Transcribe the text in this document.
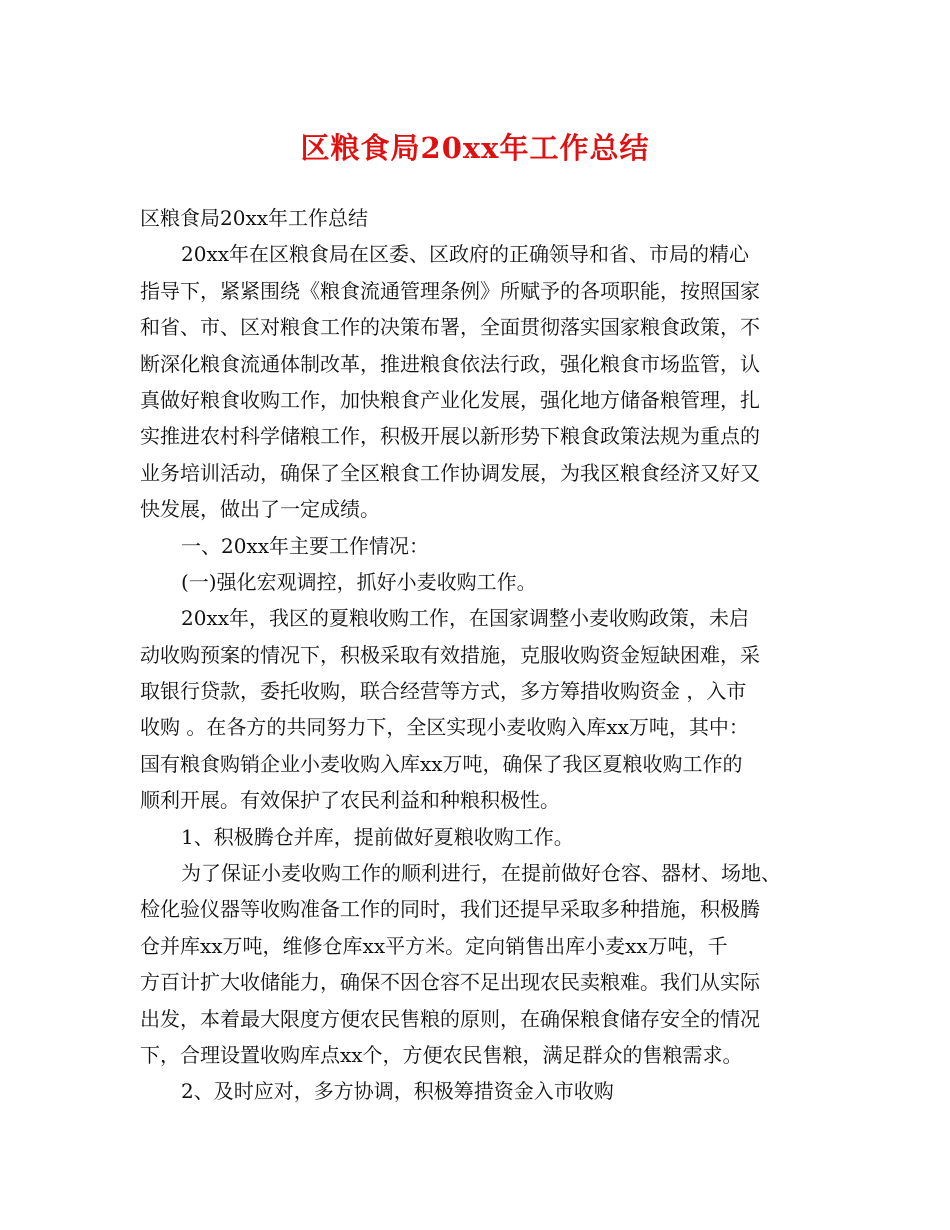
区粮食局20xx年工作总结
区粮食局20xx年工作总结
20xx年在区粮食局在区委、区政府的正确领导和省、市局的精心
指导下，紧紧围绕《粮食流通管理条例》所赋予的各项职能，按照国家
和省、市、区对粮食工作的决策布署，全面贯彻落实国家粮食政策，不
断深化粮食流通体制改革，推进粮食依法行政，强化粮食市场监管，认
真做好粮食收购工作，加快粮食产业化发展，强化地方储备粮管理，扎
实推进农村科学储粮工作，积极开展以新形势下粮食政策法规为重点的
业务培训活动，确保了全区粮食工作协调发展，为我区粮食经济又好又
快发展，做出了一定成绩。
一、20xx年主要工作情况：
(一)强化宏观调控，抓好小麦收购工作。
20xx年，我区的夏粮收购工作，在国家调整小麦收购政策，未启
动收购预案的情况下，积极采取有效措施，克服收购资金短缺困难，采
取银行贷款，委托收购，联合经营等方式，多方筹措收购资金 ，入市
收购 。在各方的共同努力下，全区实现小麦收购入库xx万吨，其中：
国有粮食购销企业小麦收购入库xx万吨，确保了我区夏粮收购工作的
顺利开展。有效保护了农民利益和种粮积极性。
1、积极腾仓并库，提前做好夏粮收购工作。
为了保证小麦收购工作的顺利进行，在提前做好仓容、器材、场地、
检化验仪器等收购准备工作的同时，我们还提早采取多种措施，积极腾
仓并库xx万吨，维修仓库xx平方米。定向销售出库小麦xx万吨，千
方百计扩大收储能力，确保不因仓容不足出现农民卖粮难。我们从实际
出发，本着最大限度方便农民售粮的原则，在确保粮食储存安全的情况
下，合理设置收购库点xx个，方便农民售粮，满足群众的售粮需求。
2、及时应对，多方协调，积极筹措资金入市收购
